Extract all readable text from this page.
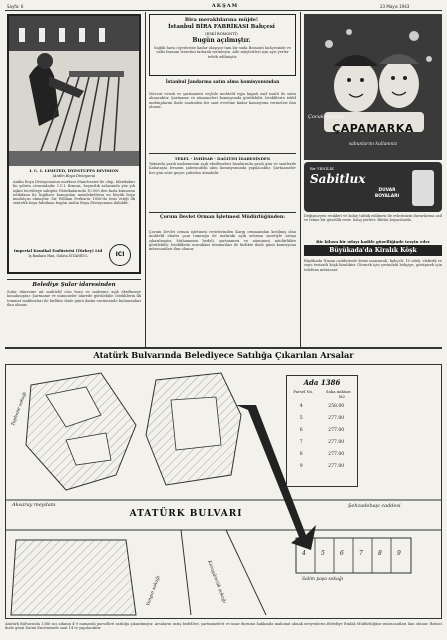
Sayfa: 6	AKŞAM	23 Mayıs 1943
I. C. I. LIMITED, DYESTUFFS DIVISION
(Anilin Boya Divizyonu)
Anilin Boya Divizyonunun merkezi Manchester'de olup, fabrikaları bu şehrin civarındadır. I.C.I. firması, boyacılık sahasında yüz yılı aşkın tecrübeye sahiptir. Fabrikalarında 10.000 den fazla kimsenin istihdamı ile İngilizce konuşulan memleketlerin en büyük boya imalatçısı olmuştur. Sir William Perkin'in 1856'da tesis ettiği ilk sentetik boya fabrikası bugün Anilin Boya Divizyonuna dahildir.
Imperial Kemikal Endüstrisi (Türkey) Ltd
İş Bankası Han, Galata İSTANBUL	ICI
Belediye Şular idaresinden
Sular idaresine ait muhtelif cins boru ve malzeme açık eksiltmeye konulmuştur. Şartname ve nümuneler idarede görülebilir. İsteklilerin ilk teminat makbuzları ile birlikte ihale günü daimi encümende bulunmaları ilan olunur.
Bira meraklılarına müjde!
İstanbul BİRA FABRİKASI Bahçesi
(ESKİ BOMONTİ)
Bugün açılmıştır.
Sağlık hava ciyerlerine kadar ulaşıyor tam bir suda Bomonti bahçesinde ve nefis biranın lezzetini tadarak serinleyin. Aile müşterileri için ayrı yerler tefrik edilmiştir.
İstanbul Jandarma satın alma komisyonundan
Mevcut evsafı ve şartnamesi veçhile muhtelif eşya kapalı zarf usulü ile satın alınacaktır. Şartname ve nümuneleri komisyonda görülebilir. İsteklilerin teklif mektuplarını ihale saatinden bir saat evveline kadar komisyona vermeleri ilan olunur.
TEKEL - İNHİSAR - DAĞITIM İDARESİNDEN
Yukarıda yazılı malzemenin açık eksiltmeleri hizalarında yazılı gün ve saatlerde Kabataşta levazım şubesindeki alım komisyonunda yapılacaktır. Şartnameler her gün sözü geçen şubeden alınabilir.
Çorum Devlet Orman İşletmesi Müdürlüğünden:
Çorum Devlet orman işletmesi revirlerinden Kargı ormanından kesilmiş olan muhtelif ebatta çam tomruğu ile mahruki açık artırma suretiyle satışa çıkarılmıştır. Muhammen bedeli, şartnamesi ve nümunesi müdürlükte görülebilir. İsteklilerin muvakkat teminatları ile birlikte ihale günü komisyona müracaatları ilan olunur.
Çocuk sabunu
ÇAPAMARKA
sabunlarını kullanınız
Bir YENİLİK
Sabitlux
DUVAR
BOYALARI
Değişmeyen renkleri ve kolay tatbik edilmesi ile evlerinizin duvarlarına asil ve temiz bir güzellik verir. Satış yerleri: Bütün boyacılarda.
Bir kilosu bir odayı kadife güzelliğinde tezyin eder
Büyükada'da Kiralık Köşk
Büyükada Nizam caddesinde deniz manzaralı, bahçeli, 10 odalı, elektrik ve suyu tesisatlı köşk kiralıktır. Görmek için yerindeki bekçiye, görüşmek için telefona müracaat.
Atatürk Bulvarında Belediyece Satılığa Çıkarılan Arsalar
Ada 1386
Parsel No.	Saha miktarı
M2
4	258.00
5	277.00
6	277.00
7	277.00
8	277.00
9	277.00
ATATÜRK BULVARI
Aksaray meydanı	Şehzadebaşı caddesi
Tophane sokağı
Karagümrük sokağı
Yangın sokağı	Salim paşa sokağı
4	5	6	7	8	9
Atatürk Bulvarında 1386 ncı adanın 4-9 numaralı parselleri satılığa çıkarılmıştır. Arsaların satış bedelleri, şartnameleri ve imar durumu hakkında malumat almak isteyenlerin Belediye Emlak Müdürlüğüne müracaatları ilan olunur. Birinci ihale günü Daimi Encümende saat 14 te yapılacaktır.
